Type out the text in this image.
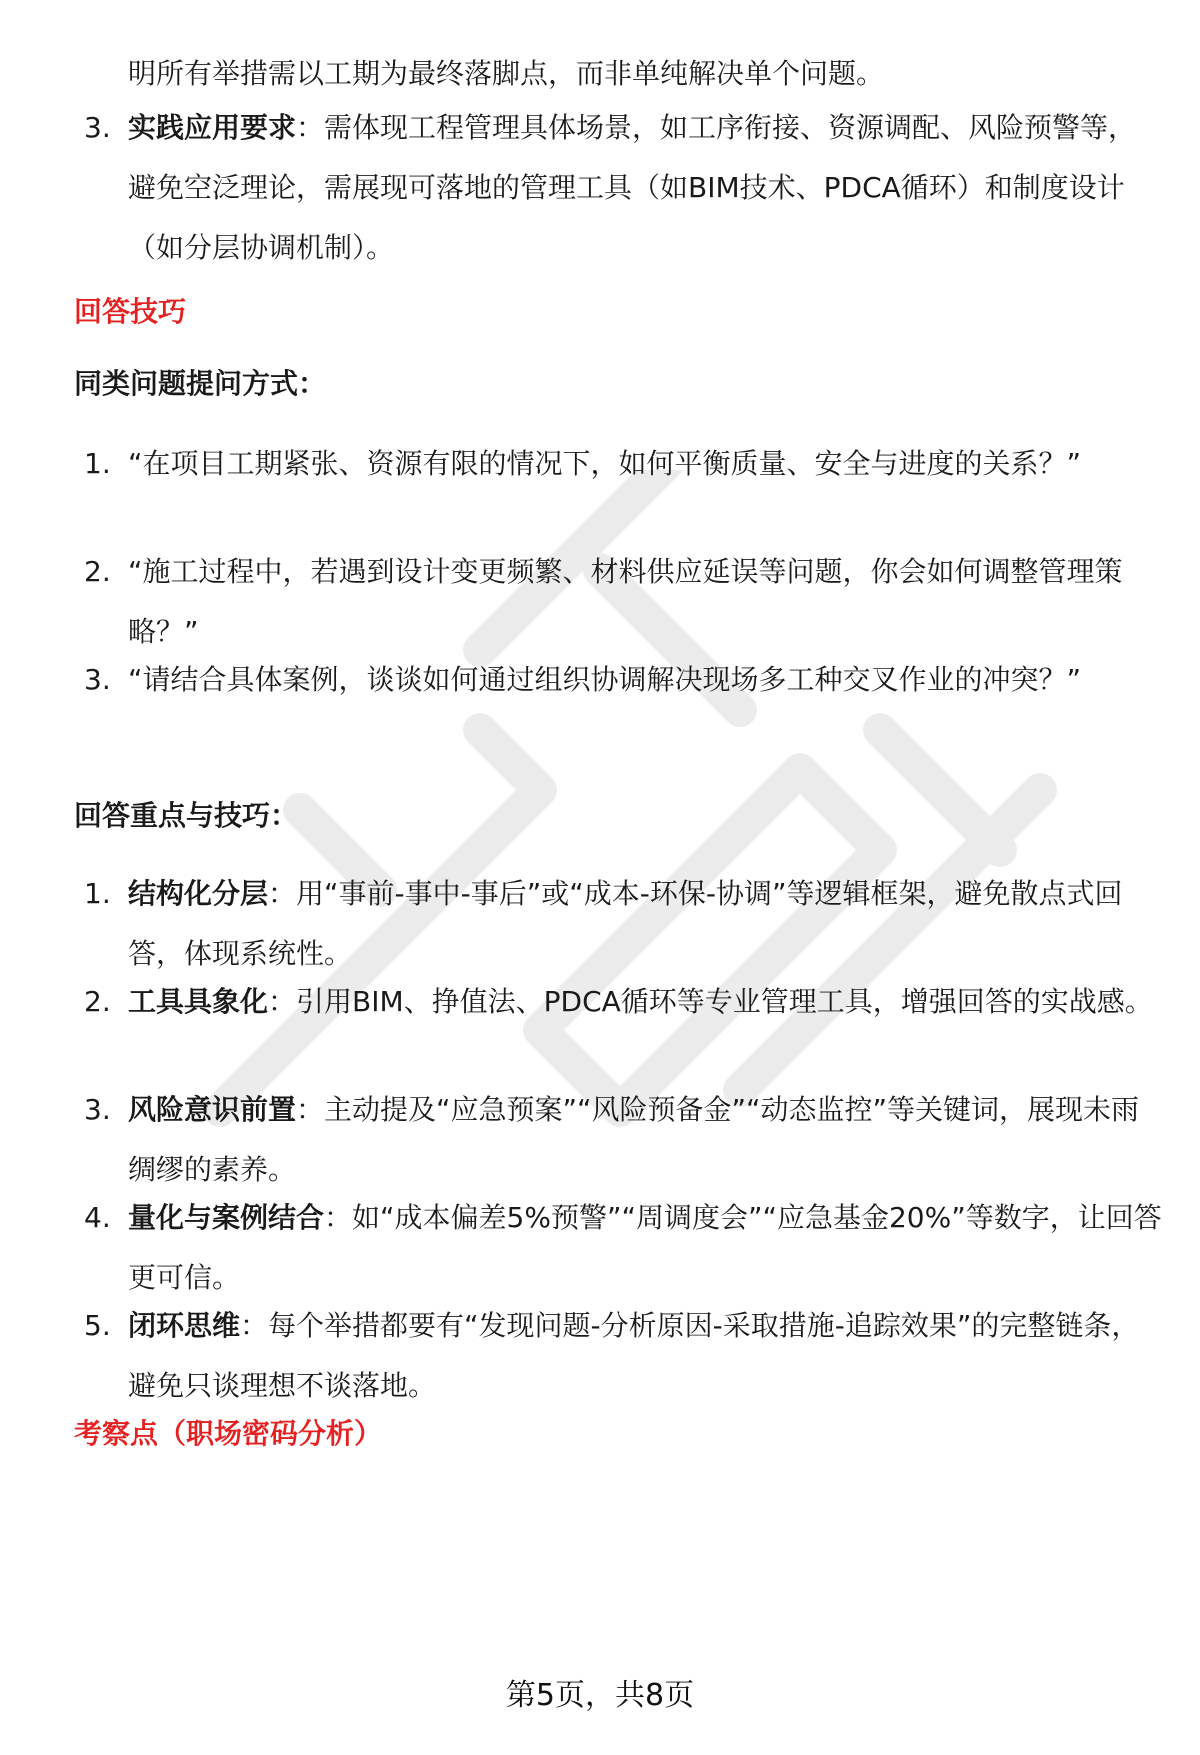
明所有举措需以工期为最终落脚点，而非单纯解决单个问题。
3. 实践应用要求：需体现工程管理具体场景，如工序衔接、资源调配、风险预警等，避免空泛理论，需展现可落地的管理工具（如BIM技术、PDCA循环）和制度设计（如分层协调机制）。
回答技巧
同类问题提问方式：
1. “在项目工期紧张、资源有限的情况下，如何平衡质量、安全与进度的关系？”
2. “施工过程中，若遇到设计变更频繁、材料供应延误等问题，你会如何调整管理策略？”
3. “请结合具体案例，谈谈如何通过组织协调解决现场多工种交叉作业的冲突？”
回答重点与技巧：
1. 结构化分层：用“事前-事中-事后”或“成本-环保-协调”等逻辑框架，避免散点式回答，体现系统性。
2. 工具具象化：引用BIM、挣值法、PDCA循环等专业管理工具，增强回答的实战感。
3. 风险意识前置：主动提及“应急预案”“风险预备金”“动态监控”等关键词，展现未雨绸缪的素养。
4. 量化与案例结合：如“成本偏差5%预警”“周调度会”“应急基金20%”等数字，让回答更可信。
5. 闭环思维：每个举措都要有“发现问题-分析原因-采取措施-追踪效果”的完整链条，避免只谈理想不谈落地。
考察点（职场密码分析）
第5页，共8页
